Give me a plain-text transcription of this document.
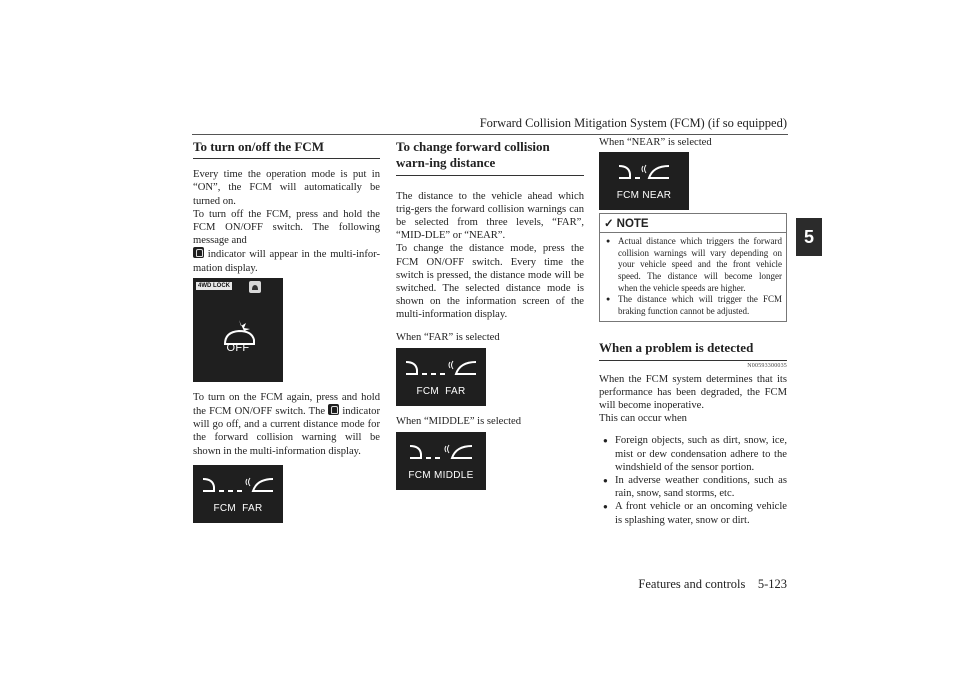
Forward Collision Mitigation System (FCM) (if so equipped)
Features and controls    5-123
5
To turn on/off the FCM

Every time the operation mode is put in “ON”, the FCM will automatically be turned on.

To turn off the FCM, press and hold the FCM ON/OFF switch. The following message and
indicator will appear in the multi-infor-mation display.

4WD LOCK
OFF

To turn on the FCM again, press and hold the FCM ON/OFF switch. The indicator will go off, and a current distance mode for the forward collision warning will be shown in the multi-information display.

FCM  FAR
To change forward collision warn-ing distance

The distance to the vehicle ahead which trig-gers the forward collision warnings can be selected from three levels, “FAR”, “MID-DLE” or “NEAR”.

To change the distance mode, press the FCM ON/OFF switch. Every time the switch is pressed, the distance mode will be switched. The selected distance mode is shown on the information screen of the multi-information display.

When “FAR” is selected

FCM  FAR

When “MIDDLE” is selected

FCM MIDDLE

When “NEAR” is selected

FCM NEAR
✓ NOTE
● Actual distance which triggers the forward collision warnings will vary depending on your vehicle speed and the front vehicle speed. The distance will become longer when the vehicle speeds are higher.
● The distance which will trigger the FCM braking function cannot be adjusted.
When a problem is detected
N00593300035

When the FCM system determines that its performance has been degraded, the FCM will become inoperative.

This can occur when

● Foreign objects, such as dirt, snow, ice, mist or dew condensation adhere to the windshield of the sensor portion.
● In adverse weather conditions, such as rain, snow, sand storms, etc.
● A front vehicle or an oncoming vehicle is splashing water, snow or dirt.
